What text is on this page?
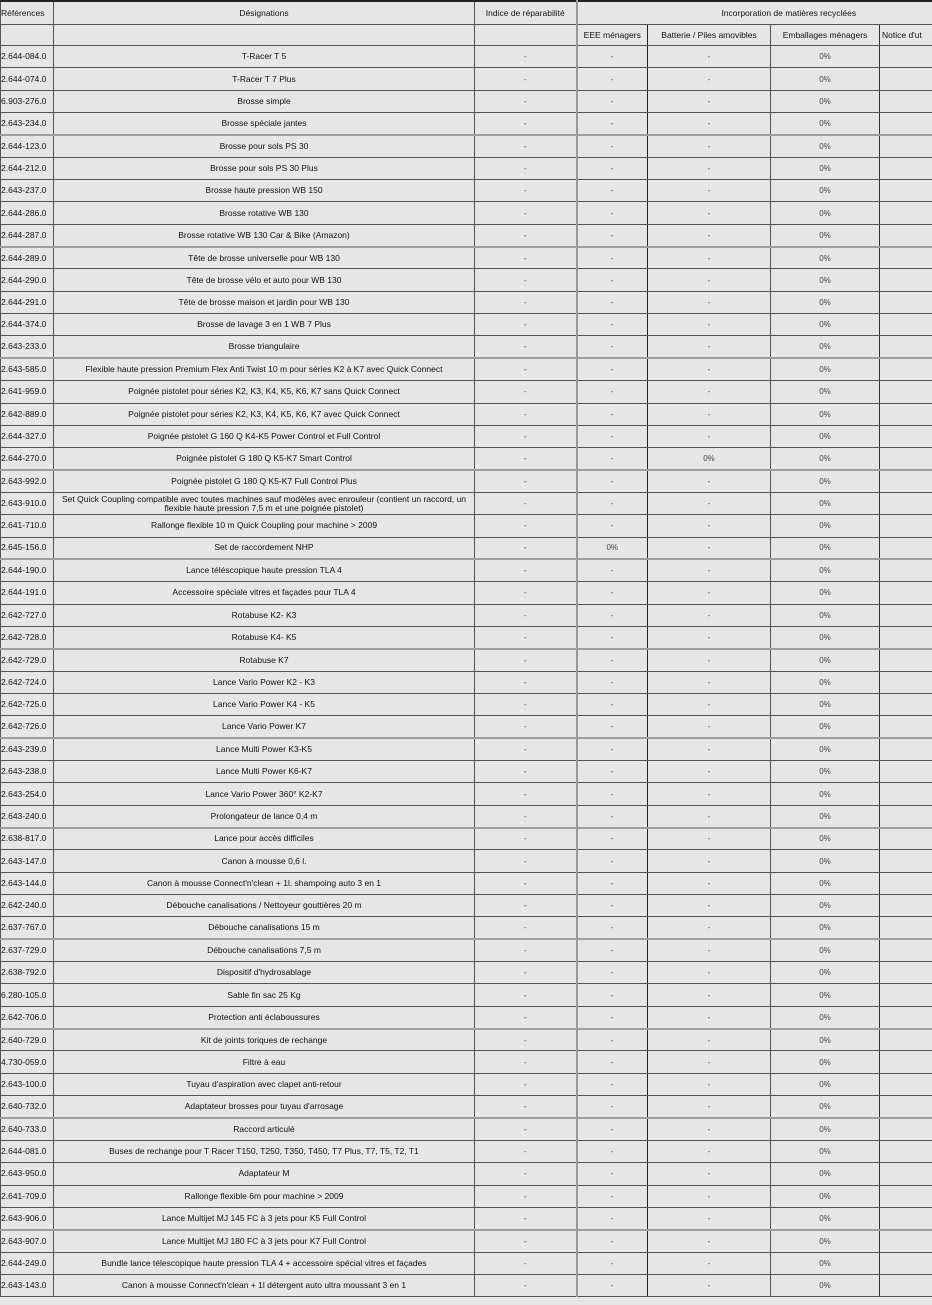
Références	Désignations	Indice de réparabilité	Incorporation de matières recyclées			
			EEE ménagers	Batterie / Piles amovibles	Emballages ménagers	Notice d'ut
2.644-084.0	T-Racer T 5	-	-	-	0%	
2.644-074.0	T-Racer T 7 Plus	-	-	-	0%	
6.903-276.0	Brosse simple	-	-	-	0%	
2.643-234.0	Brosse spéciale jantes	-	-	-	0%	
2.644-123.0	Brosse pour sols PS 30	-	-	-	0%	
2.644-212.0	Brosse pour sols PS 30 Plus	-	-	-	0%	
2.643-237.0	Brosse haute pression WB 150	-	-	-	0%	
2.644-286.0	Brosse rotative WB 130	-	-	-	0%	
2.644-287.0	Brosse rotative WB 130 Car & Bike (Amazon)	-	-	-	0%	
2.644-289.0	Tête de brosse universelle pour WB 130	-	-	-	0%	
2.644-290.0	Tête de brosse vélo et auto pour WB 130	-	-	-	0%	
2.644-291.0	Tête de brosse maison et jardin pour WB 130	-	-	-	0%	
2.644-374.0	Brosse de lavage 3 en 1 WB 7 Plus	-	-	-	0%	
2.643-233.0	Brosse triangulaire	-	-	-	0%	
2.643-585.0	Flexible haute pression Premium Flex Anti Twist 10 m pour séries K2 à K7 avec Quick Connect	-	-	-	0%	
2.641-959.0	Poignée pistolet pour séries K2, K3, K4, K5, K6, K7 sans Quick Connect	-	-	-	0%	
2.642-889.0	Poignée pistolet pour séries K2, K3, K4, K5, K6, K7 avec Quick Connect	-	-	-	0%	
2.644-327.0	Poignée pistolet G 160 Q K4-K5 Power Control et Full Control	-	-	-	0%	
2.644-270.0	Poignée pistolet G 180 Q K5-K7 Smart Control	-	-	0%	0%	
2.643-992.0	Poignée pistolet G 180 Q K5-K7 Full Control Plus	-	-	-	0%	
2.643-910.0	Set Quick Coupling compatible avec toutes machines sauf modèles avec enrouleur (contient un raccord, un flexible haute pression 7,5 m et une poignée pistolet)	-	-	-	0%	
2.641-710.0	Rallonge flexible 10 m Quick Coupling pour machine > 2009	-	-	-	0%	
2.645-156.0	Set de raccordement NHP	-	0%	-	0%	
2.644-190.0	Lance téléscopique haute pression TLA 4	-	-	-	0%	
2.644-191.0	Accessoire spéciale vitres et façades pour TLA 4	-	-	-	0%	
2.642-727.0	Rotabuse K2- K3	-	-	-	0%	
2.642-728.0	Rotabuse K4- K5	-	-	-	0%	
2.642-729.0	Rotabuse K7	-	-	-	0%	
2.642-724.0	Lance Vario Power K2 - K3	-	-	-	0%	
2.642-725.0	Lance Vario Power K4 - K5	-	-	-	0%	
2.642-726.0	Lance Vario Power K7	-	-	-	0%	
2.643-239.0	Lance Multi Power K3-K5	-	-	-	0%	
2.643-238.0	Lance Multi Power K6-K7	-	-	-	0%	
2.643-254.0	Lance Vario Power 360° K2-K7	-	-	-	0%	
2.643-240.0	Prolongateur de lance 0,4 m	-	-	-	0%	
2.638-817.0	Lance pour accès difficiles	-	-	-	0%	
2.643-147.0	Canon à mousse 0,6 l.	-	-	-	0%	
2.643-144.0	Canon à mousse Connect'n'clean + 1l. shampoing auto 3 en 1	-	-	-	0%	
2.642-240.0	Débouche canalisations / Nettoyeur gouttières 20 m	-	-	-	0%	
2.637-767.0	Débouche canalisations 15 m	-	-	-	0%	
2.637-729.0	Débouche canalisations 7,5 m	-	-	-	0%	
2.638-792.0	Dispositif d'hydrosablage	-	-	-	0%	
6.280-105.0	Sable fin sac 25 Kg	-	-	-	0%	
2.642-706.0	Protection anti éclaboussures	-	-	-	0%	
2.640-729.0	Kit de joints toriques de rechange	-	-	-	0%	
4.730-059.0	Filtre à eau	-	-	-	0%	
2.643-100.0	Tuyau d'aspiration avec clapet anti-retour	-	-	-	0%	
2.640-732.0	Adaptateur brosses pour tuyau d'arrosage	-	-	-	0%	
2.640-733.0	Raccord articulé	-	-	-	0%	
2.644-081.0	Buses de rechange pour T Racer T150, T250, T350, T450, T7 Plus, T7, T5, T2, T1	-	-	-	0%	
2.643-950.0	Adaptateur M	-	-	-	0%	
2.641-709.0	Rallonge flexible 6m pour machine > 2009	-	-	-	0%	
2.643-906.0	Lance Multijet MJ 145 FC à 3 jets pour K5 Full Control	-	-	-	0%	
2.643-907.0	Lance Multijet MJ 180 FC à 3 jets pour K7 Full Control	-	-	-	0%	
2.644-249.0	Bundle lance télescopique haute pression TLA 4 + accessoire spécial vitres et façades	-	-	-	0%	
2.643-143.0	Canon à mousse Connect'n'clean + 1l détergent auto ultra moussant 3 en 1	-	-	-	0%	
